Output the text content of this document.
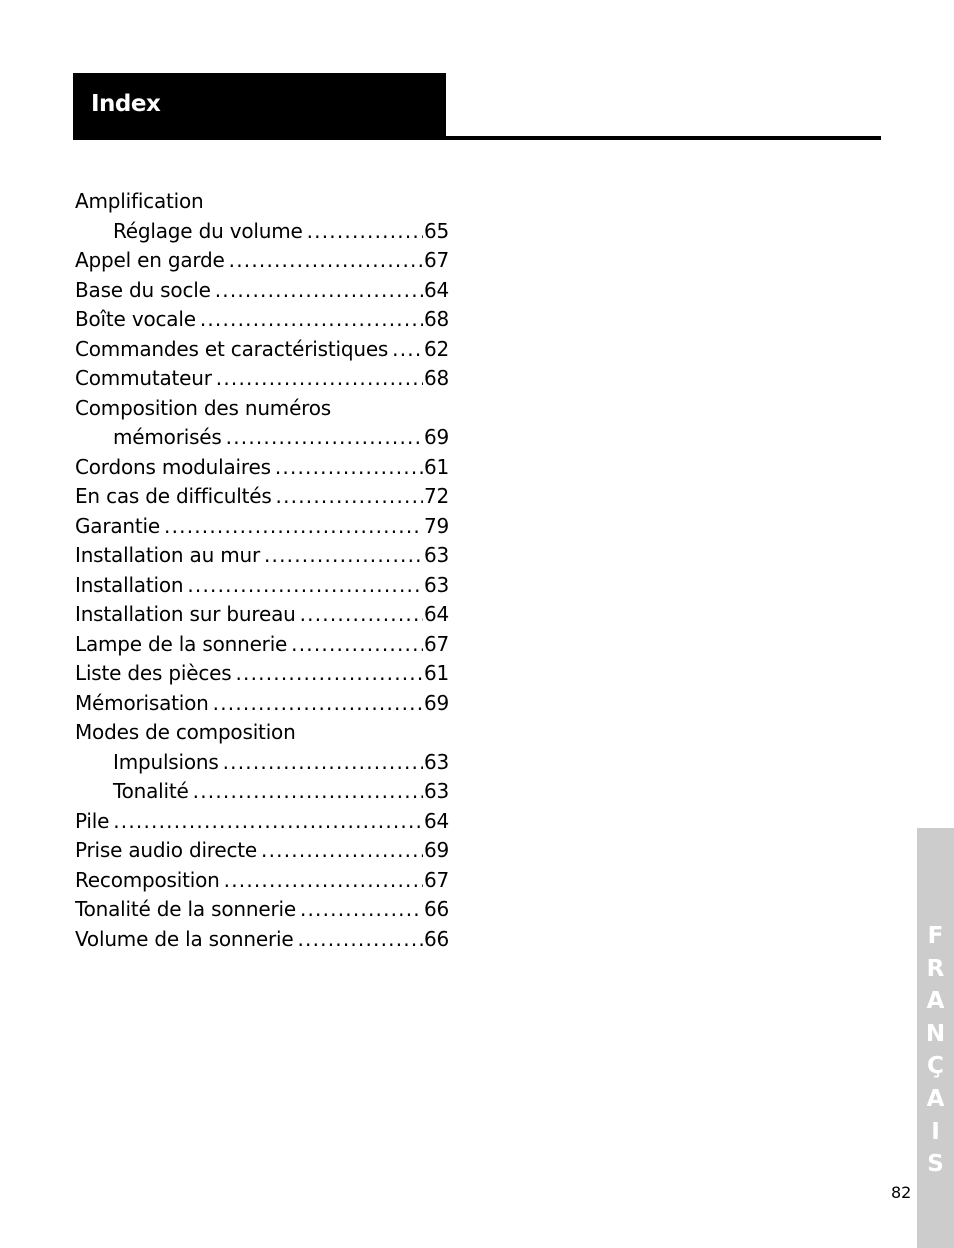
Index
Amplification
Réglage du volume .....	65
Appel en garde .....	67
Base du socle .....	64
Boîte vocale .....	68
Commandes et caractéristiques ..... 62
Commutateur .....	68
Composition des numéros
mémorisés .....	69
Cordons modulaires .....	61
En cas de difficultés .....	72
Garantie .....	79
Installation au mur .....	63
Installation .....	63
Installation sur bureau .....	64
Lampe de la sonnerie .....	67
Liste des pièces .....	61
Mémorisation .....	69
Modes de composition
Impulsions .....	63
Tonalité .....	63
Pile .....	64
Prise audio directe .....	69
Recomposition .....	67
Tonalité de la sonnerie .....	66
Volume de la sonnerie .....	66	F
R
A
N
Ç
A
I
S
82
